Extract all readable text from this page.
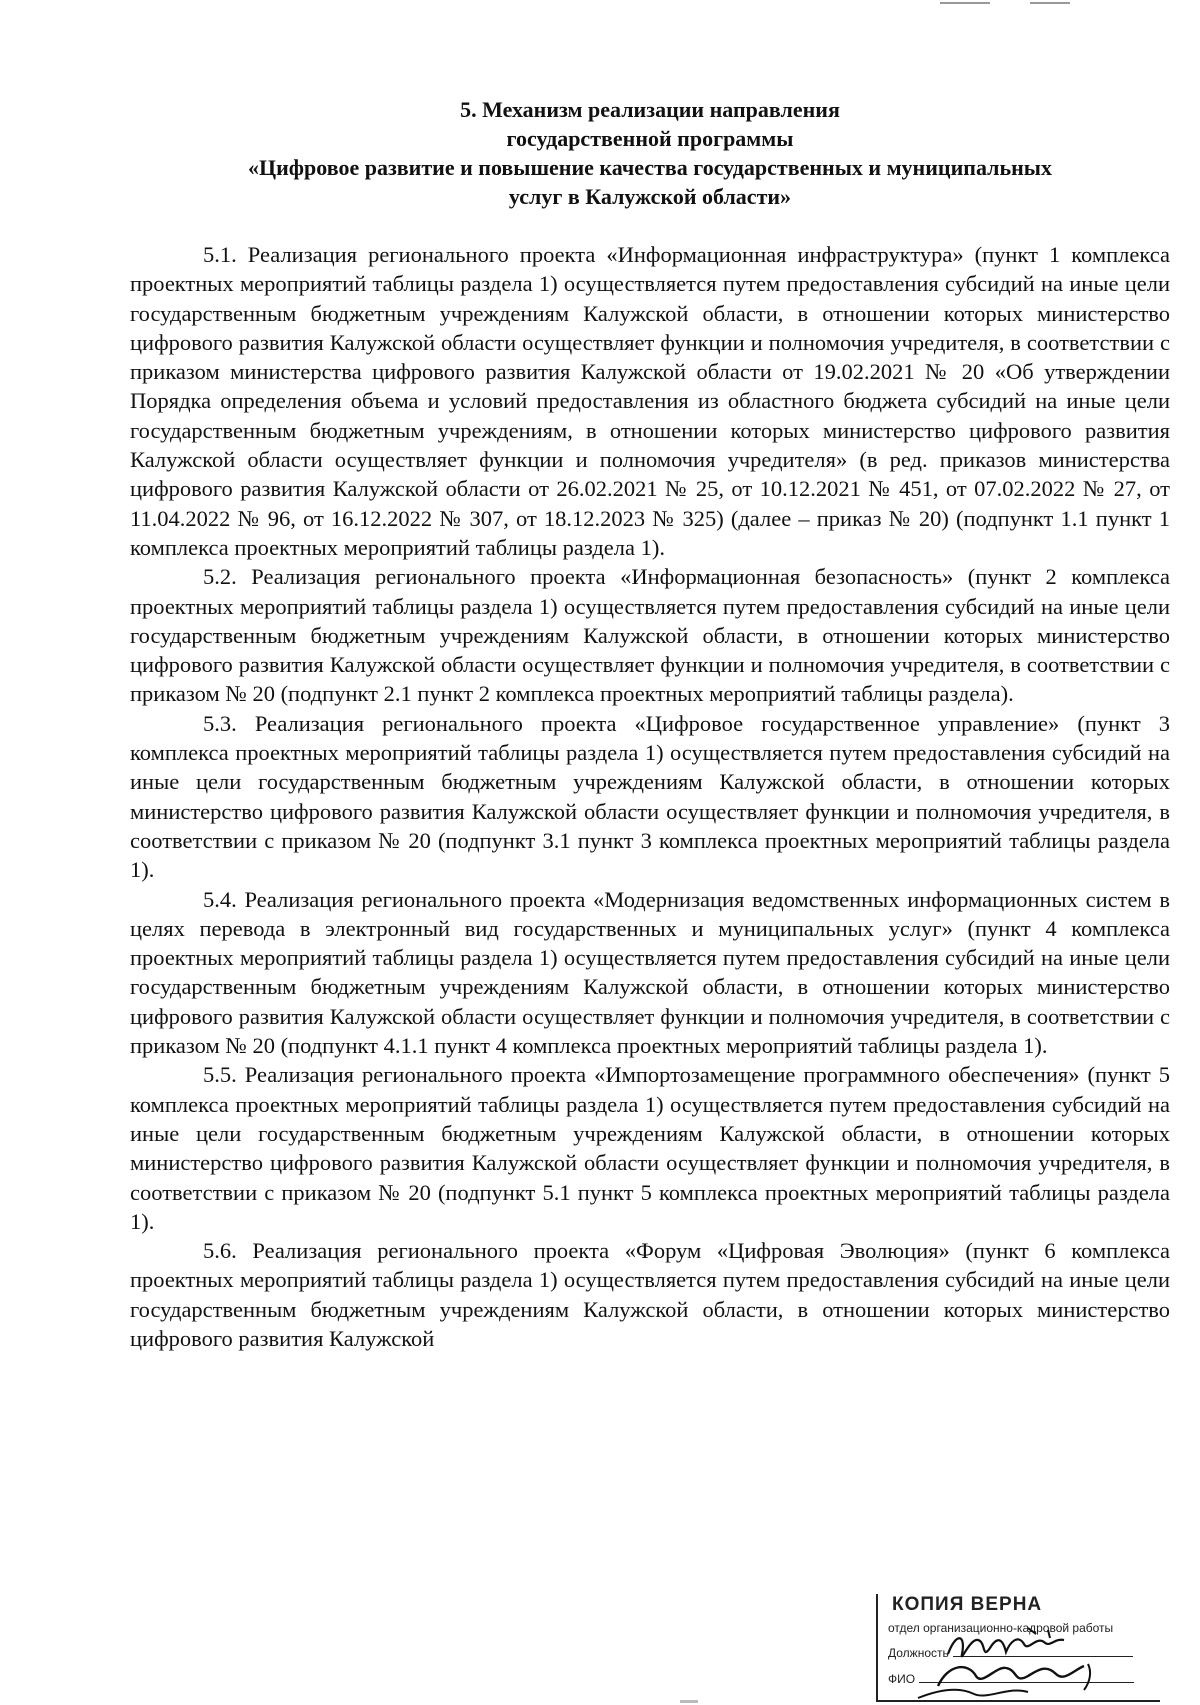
5. Механизм реализации направления
государственной программы
«Цифровое развитие и повышение качества государственных и муниципальных
услуг в Калужской области»

5.1. Реализация регионального проекта «Информационная инфраструктура» (пункт 1 комплекса проектных мероприятий таблицы раздела 1) осуществляется путем предоставления субсидий на иные цели государственным бюджетным учреждениям Калужской области, в отношении которых министерство цифрового развития Калужской области осуществляет функции и полномочия учредителя, в соответствии с приказом министерства цифрового развития Калужской области от 19.02.2021 № 20 «Об утверждении Порядка определения объема и условий предоставления из областного бюджета субсидий на иные цели государственным бюджетным учреждениям, в отношении которых министерство цифрового развития Калужской области осуществляет функции и полномочия учредителя» (в ред. приказов министерства цифрового развития Калужской области от 26.02.2021 № 25, от 10.12.2021 № 451, от 07.02.2022 № 27, от 11.04.2022 № 96, от 16.12.2022 № 307, от 18.12.2023 № 325) (далее – приказ № 20) (подпункт 1.1 пункт 1 комплекса проектных мероприятий таблицы раздела 1).

5.2. Реализация регионального проекта «Информационная безопасность» (пункт 2 комплекса проектных мероприятий таблицы раздела 1) осуществляется путем предоставления субсидий на иные цели государственным бюджетным учреждениям Калужской области, в отношении которых министерство цифрового развития Калужской области осуществляет функции и полномочия учредителя, в соответствии с приказом № 20 (подпункт 2.1 пункт 2 комплекса проектных мероприятий таблицы раздела).

5.3. Реализация регионального проекта «Цифровое государственное управление» (пункт 3 комплекса проектных мероприятий таблицы раздела 1) осуществляется путем предоставления субсидий на иные цели государственным бюджетным учреждениям Калужской области, в отношении которых министерство цифрового развития Калужской области осуществляет функции и полномочия учредителя, в соответствии с приказом № 20 (подпункт 3.1 пункт 3 комплекса проектных мероприятий таблицы раздела 1).

5.4. Реализация регионального проекта «Модернизация ведомственных информационных систем в целях перевода в электронный вид государственных и муниципальных услуг» (пункт 4 комплекса проектных мероприятий таблицы раздела 1) осуществляется путем предоставления субсидий на иные цели государственным бюджетным учреждениям Калужской области, в отношении которых министерство цифрового развития Калужской области осуществляет функции и полномочия учредителя, в соответствии с приказом № 20 (подпункт 4.1.1 пункт 4 комплекса проектных мероприятий таблицы раздела 1).

5.5. Реализация регионального проекта «Импортозамещение программного обеспечения» (пункт 5 комплекса проектных мероприятий таблицы раздела 1) осуществляется путем предоставления субсидий на иные цели государственным бюджетным учреждениям Калужской области, в отношении которых министерство цифрового развития Калужской области осуществляет функции и полномочия учредителя, в соответствии с приказом № 20 (подпункт 5.1 пункт 5 комплекса проектных мероприятий таблицы раздела 1).

5.6. Реализация регионального проекта «Форум «Цифровая Эволюция» (пункт 6 комплекса проектных мероприятий таблицы раздела 1) осуществляется путем предоставления субсидий на иные цели государственным бюджетным учреждениям Калужской области, в отношении которых министерство цифрового развития Калужской

КОПИЯ ВЕРНА
отдел организационно-кадровой работы
Должность
ФИО
